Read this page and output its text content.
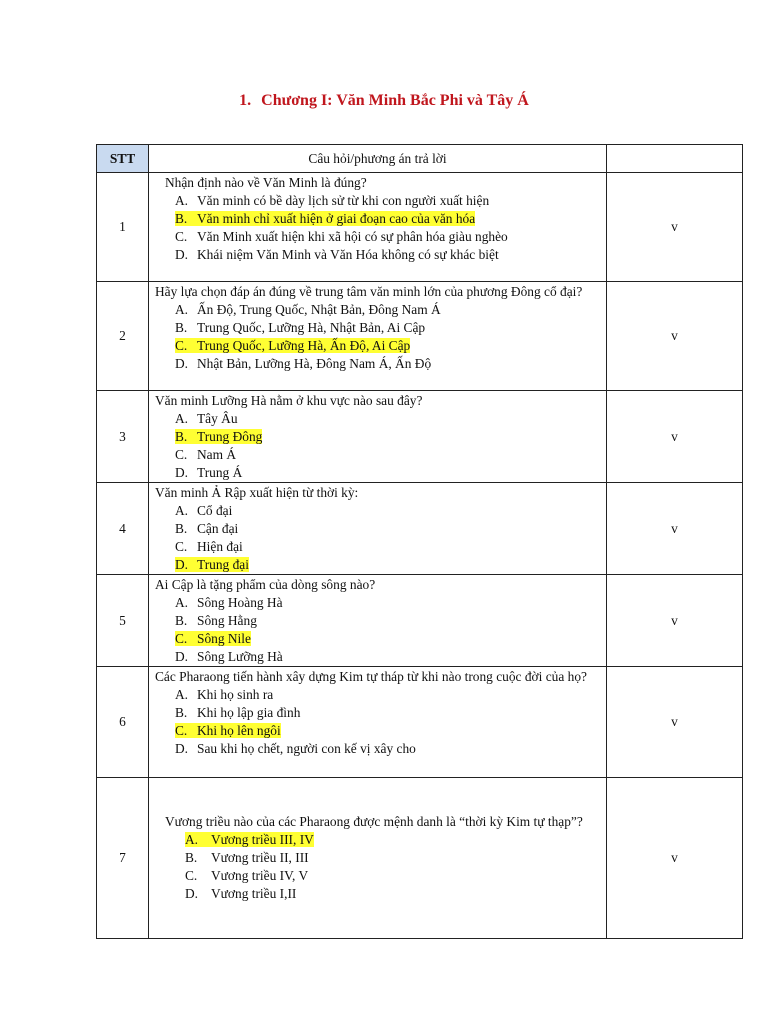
1. Chương I: Văn Minh Bắc Phi và Tây Á
STT	Câu hỏi/phương án trả lời	
1	Nhận định nào về Văn Minh là đúng?
A. Văn minh có bề dày lịch sử từ khi con người xuất hiện
B. Văn minh chỉ xuất hiện ở giai đoạn cao của văn hóa
C. Văn Minh xuất hiện khi xã hội có sự phân hóa giàu nghèo
D. Khái niệm Văn Minh và Văn Hóa không có sự khác biệt	v
2	Hãy lựa chọn đáp án đúng về trung tâm văn minh lớn của phương Đông cổ đại?
A. Ấn Độ, Trung Quốc, Nhật Bản, Đông Nam Á
B. Trung Quốc, Lưỡng Hà, Nhật Bản, Ai Cập
C. Trung Quốc, Lưỡng Hà, Ấn Độ, Ai Cập
D. Nhật Bản, Lưỡng Hà, Đông Nam Á, Ấn Độ	v
3	Văn minh Lưỡng Hà nằm ở khu vực nào sau đây?
A. Tây Âu
B. Trung Đông
C. Nam Á
D. Trung Á	v
4	Văn minh Ả Rập xuất hiện từ thời kỳ:
A. Cổ đại
B. Cận đại
C. Hiện đại
D. Trung đại	v
5	Ai Cập là tặng phẩm của dòng sông nào?
A. Sông Hoàng Hà
B. Sông Hằng
C. Sông Nile
D. Sông Lưỡng Hà	v
6	Các Pharaong tiến hành xây dựng Kim tự tháp từ khi nào trong cuộc đời của họ?
A. Khi họ sinh ra
B. Khi họ lập gia đình
C. Khi họ lên ngôi
D. Sau khi họ chết, người con kế vị xây cho	v
7	Vương triều nào của các Pharaong được mệnh danh là “thời kỳ Kim tự thạp”?
A. Vương triều III, IV
B. Vương triều II, III
C. Vương triều IV, V
D. Vương triều I,II	v
